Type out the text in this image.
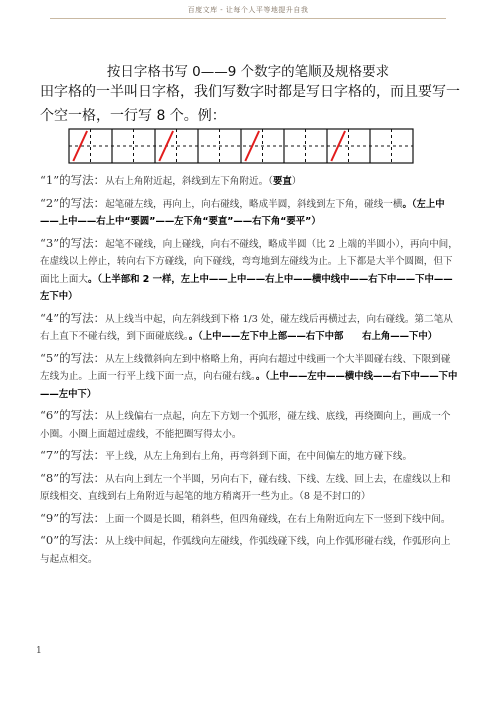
百度文库 - 让每个人平等地提升自我
按日字格书写 0——9 个数字的笔顺及规格要求
田字格的一半叫日字格，我们写数字时都是写日字格的，而且要写一个空一格，一行写 8 个。例：
“1”的写法：从右上角附近起，斜线到左下角附近。（要直）
“2”的写法：起笔碰左线，再向上，向右碰线，略成半圆，斜线到左下角，碰线一横。（左上中——上中——右上中“要圆”——左下角“要直”——右下角“要平”）
“3”的写法：起笔不碰线，向上碰线，向右不碰线，略成半圆（比 2 上端的半圆小），再向中间，在虚线以上停止，转向右下方碰线，向下碰线，弯弯地到左碰线为止。上下都是大半个圆圈，但下面比上面大。（上半部和 2 一样，左上中——上中——右上中——横中线中——右下中——下中——左下中）
“4”的写法：从上线当中起，向左斜线到下格 1/3 处，碰左线后再横过去，向右碰线。第二笔从右上直下不碰右线，到下面碰底线。。（上中——左下中上部——右下中部　　右上角——下中）
“5”的写法：从左上线微斜向左到中格略上角，再向右超过中线画一个大半圆碰右线、下限到碰左线为止。上面一行平上线下面一点，向右碰右线。。（上中——左中——横中线——右下中——下中——左中下）
“6”的写法：从上线偏右一点起，向左下方划一个弧形，碰左线、底线，再绕圈向上，画成一个小圈。小圈上面超过虚线，不能把圈写得太小。
“7”的写法：平上线，从左上角到右上角，再弯斜到下面，在中间偏左的地方碰下线。
“8”的写法：从右向上到左一个半圆，另向右下，碰右线、下线、左线、回上去，在虚线以上和原线相交、直线到右上角附近与起笔的地方稍离开一些为止。（8 是不封口的）
“9”的写法：上面一个圆是长圆，稍斜些，但四角碰线，在右上角附近向左下一竖到下线中间。
“0”的写法：从上线中间起，作弧线向左碰线，作弧线碰下线，向上作弧形碰右线，作弧形向上与起点相交。
1
